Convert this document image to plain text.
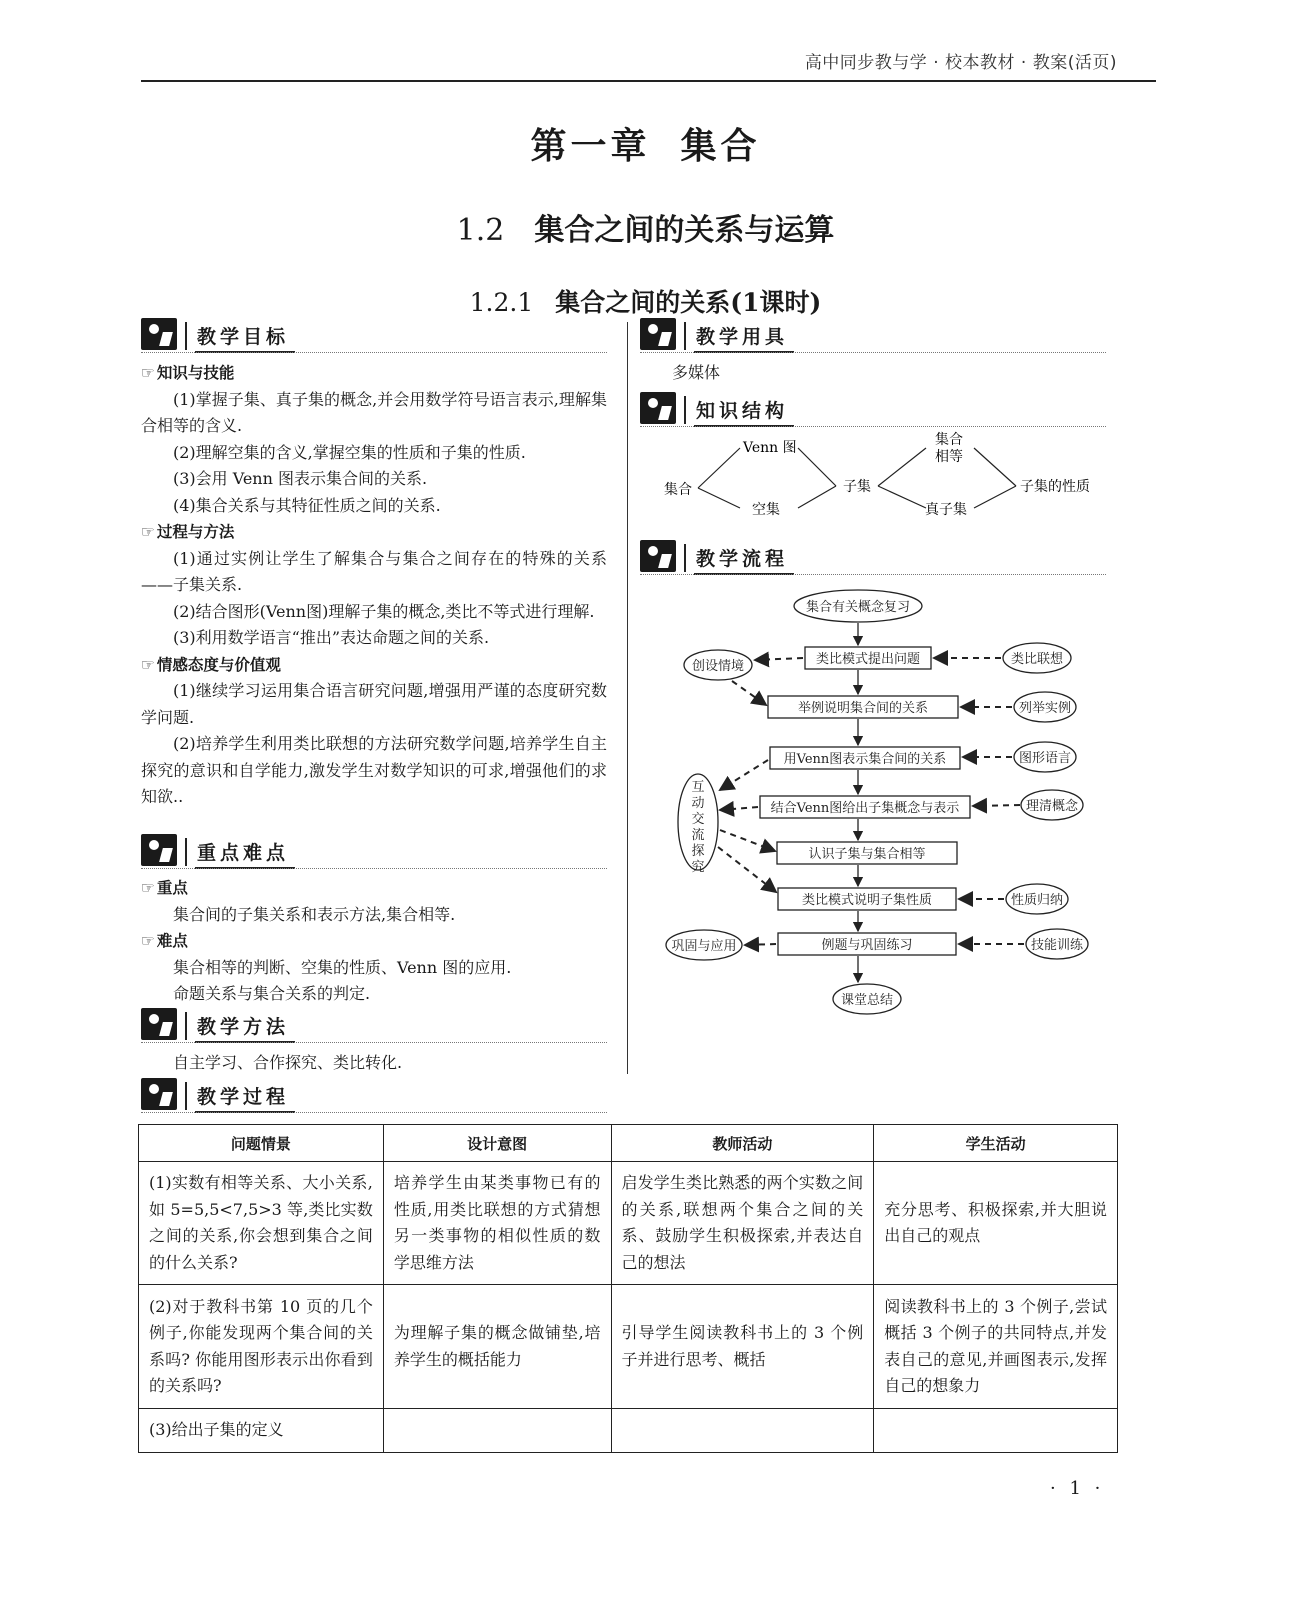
高中同步教与学 · 校本教材 · 教案(活页)
第一章 集合
1.2 集合之间的关系与运算
1.2.1 集合之间的关系(1课时)
教学目标
☞ 知识与技能

(1)掌握子集、真子集的概念,并会用数学符号语言表示,理解集合相等的含义.

(2)理解空集的含义,掌握空集的性质和子集的性质.

(3)会用 Venn 图表示集合间的关系.

(4)集合关系与其特征性质之间的关系.

☞ 过程与方法

(1)通过实例让学生了解集合与集合之间存在的特殊的关系——子集关系.

(2)结合图形(Venn图)理解子集的概念,类比不等式进行理解.

(3)利用数学语言“推出”表达命题之间的关系.

☞ 情感态度与价值观

(1)继续学习运用集合语言研究问题,增强用严谨的态度研究数学问题.

(2)培养学生利用类比联想的方法研究数学问题,培养学生自主探究的意识和自学能力,激发学生对数学知识的可求,增强他们的求知欲..

重点难点
☞ 重点

集合间的子集关系和表示方法,集合相等.

☞ 难点

集合相等的判断、空集的性质、Venn 图的应用.

命题关系与集合关系的判定.

教学方法

自主学习、合作探究、类比转化.

教学用具

多媒体

知识结构
集合
Venn 图
空集
子集
集合
相等
真子集
子集的性质
教学流程
集合有关概念复习
类比模式提出问题
举例说明集合间的关系
用Venn图表示集合间的关系
结合Venn图给出子集概念与表示
认识子集与集合相等
类比模式说明子集性质
例题与巩固练习
课堂总结
创设情境	类比联想
列举实例
图形语言
理清概念
性质归纳
技能训练
巩固与应用
互
动
交
流
探
究
教学过程
问题情景	设计意图	教师活动	学生活动
(1)实数有相等关系、大小关系,如 5=5,5<7,5>3 等,类比实数之间的关系,你会想到集合之间的什么关系?	培养学生由某类事物已有的性质,用类比联想的方式猜想另一类事物的相似性质的数学思维方法	启发学生类比熟悉的两个实数之间的关系,联想两个集合之间的关系、鼓励学生积极探索,并表达自己的想法	充分思考、积极探索,并大胆说出自己的观点
(2)对于教科书第 10 页的几个例子,你能发现两个集合间的关系吗? 你能用图形表示出你看到的关系吗?	为理解子集的概念做铺垫,培养学生的概括能力	引导学生阅读教科书上的 3 个例子并进行思考、概括	阅读教科书上的 3 个例子,尝试概括 3 个例子的共同特点,并发表自己的意见,并画图表示,发挥自己的想象力
(3)给出子集的定义			
· 1 ·
